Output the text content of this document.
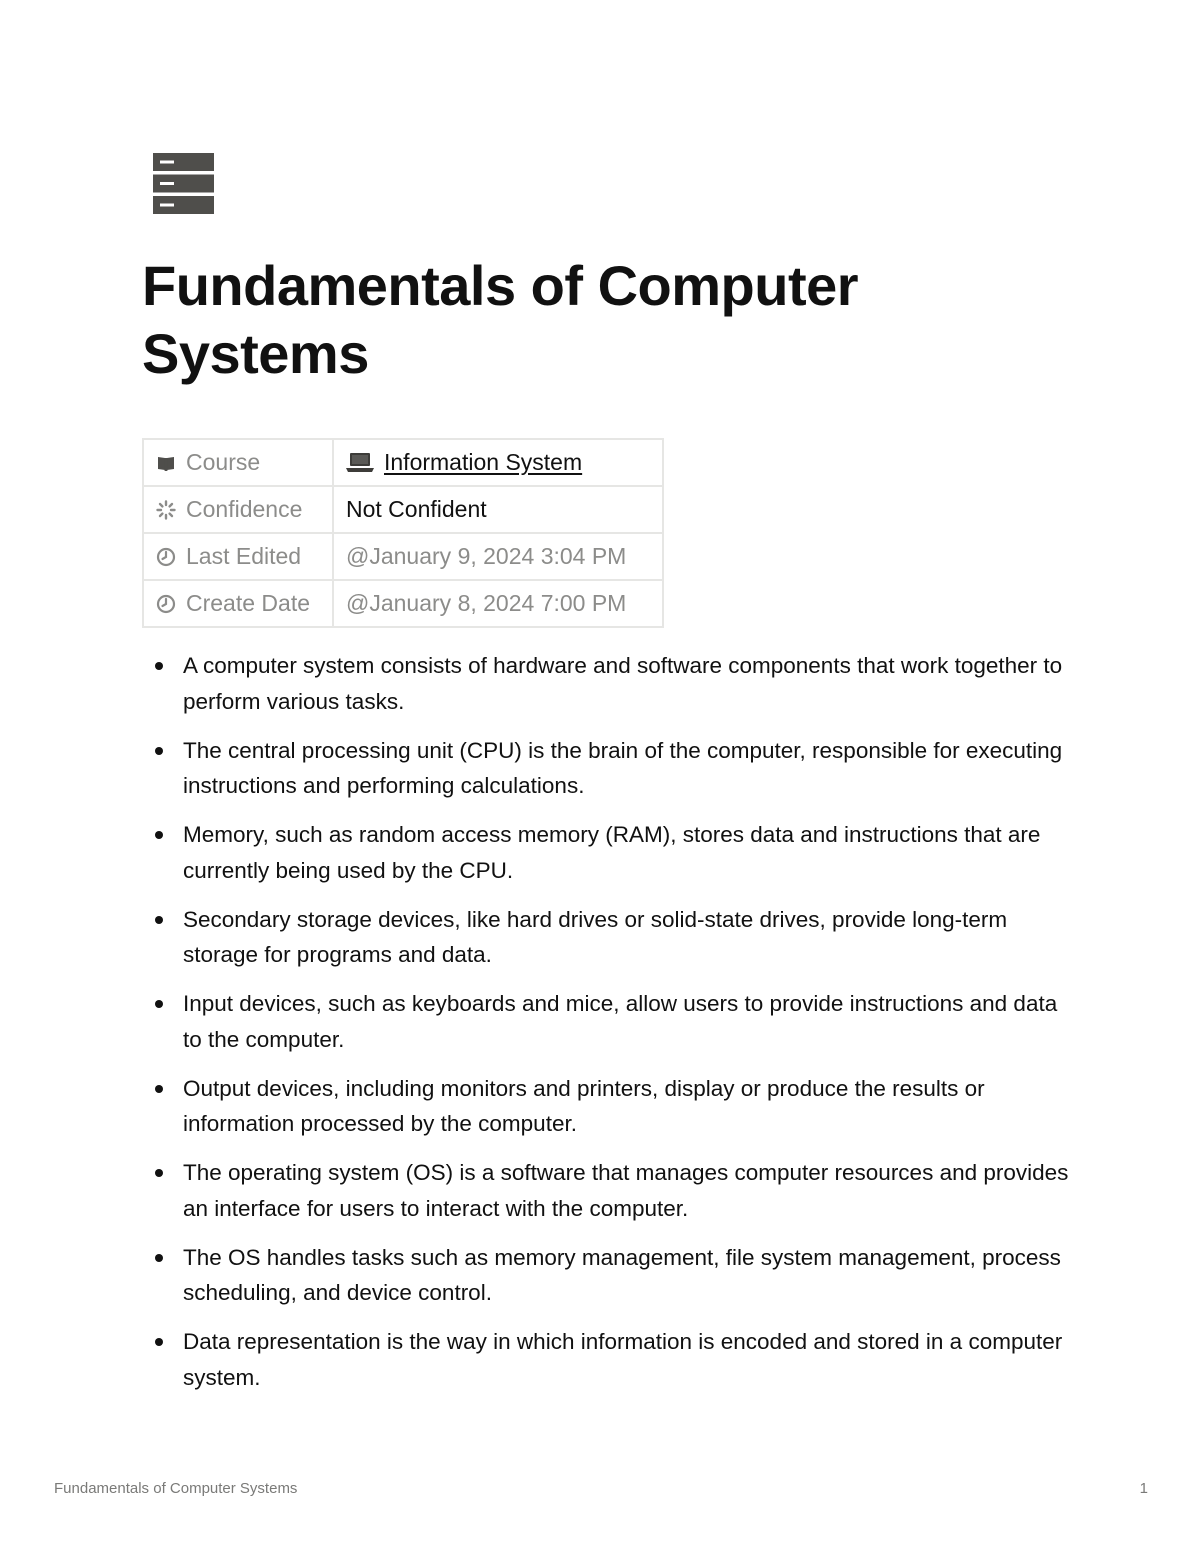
Fundamentals of Computer Systems
Course	Information System
Confidence	Not Confident
Last Edited	@January 9, 2024 3:04 PM
Create Date	@January 8, 2024 7:00 PM
A computer system consists of hardware and software components that work together to perform various tasks.
The central processing unit (CPU) is the brain of the computer, responsible for executing instructions and performing calculations.
Memory, such as random access memory (RAM), stores data and instructions that are currently being used by the CPU.
Secondary storage devices, like hard drives or solid-state drives, provide long-term storage for programs and data.
Input devices, such as keyboards and mice, allow users to provide instructions and data to the computer.
Output devices, including monitors and printers, display or produce the results or information processed by the computer.
The operating system (OS) is a software that manages computer resources and provides an interface for users to interact with the computer.
The OS handles tasks such as memory management, file system management, process scheduling, and device control.
Data representation is the way in which information is encoded and stored in a computer system.
Fundamentals of Computer Systems	1
